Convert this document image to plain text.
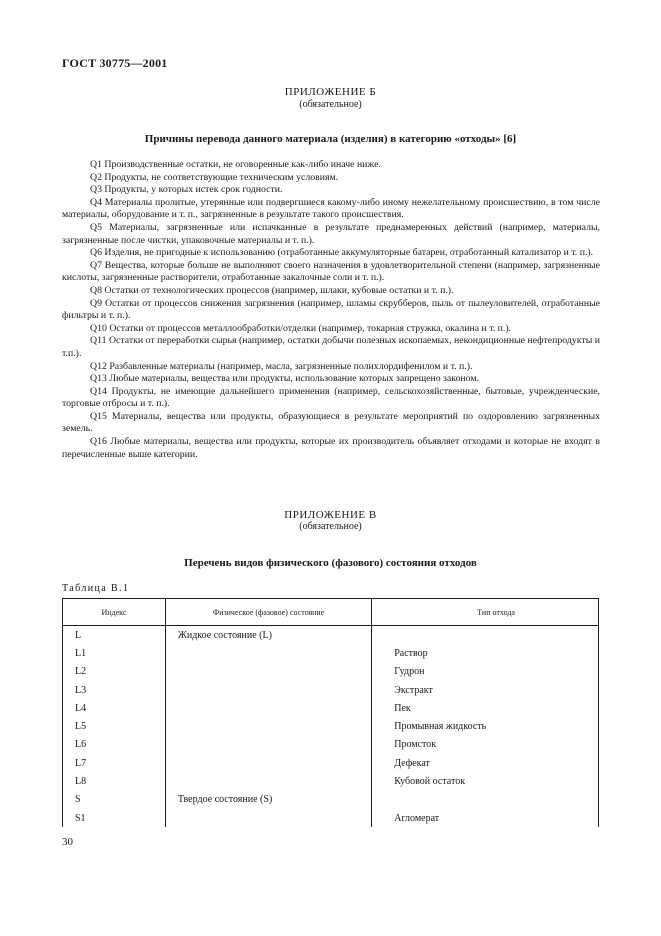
ГОСТ 30775—2001
ПРИЛОЖЕНИЕ Б
(обязательное)
Причины перевода данного материала (изделия) в категорию «отходы» [6]

Q1 Производственные остатки, не оговоренные как-либо иначе ниже.

Q2 Продукты, не соответствующие техническим условиям.

Q3 Продукты, у которых истек срок годности.

Q4 Материалы пролитые, утерянные или подвергшиеся какому-либо иному нежелательному происшествию, в том числе материалы, оборудование и т. п., загрязненные в результате такого происшествия.

Q5 Материалы, загрязненные или испачканные в результате преднамеренных действий (например, материалы, загрязненные после чистки, упаковочные материалы и т. п.).

Q6 Изделия, не пригодные к использованию (отработанные аккумуляторные батареи, отработанный катализатор и т. п.).

Q7 Вещества, которые больше не выполняют своего назначения в удовлетворительной степени (например, загрязненные кислоты, загрязненные растворители, отработанные закалочные соли и т. п.).

Q8 Остатки от технологических процессов (например, шлаки, кубовые остатки и т. п.).

Q9 Остатки от процессов снижения загрязнения (например, шламы скрубберов, пыль от пылеуловителей, отработанные фильтры и т. п.).

Q10 Остатки от процессов металлообработки/отделки (например, токарная стружка, окалина и т. п.).

Q11 Остатки от переработки сырья (например, остатки добычи полезных ископаемых, некондиционные нефтепродукты и т.п.).

Q12 Разбавленные материалы (например, масла, загрязненные полихлордифенилом и т. п.).

Q13 Любые материалы, вещества или продукты, использование которых запрещено законом.

Q14 Продукты, не имеющие дальнейшего применения (например, сельскохозяйственные, бытовые, учрежденческие, торговые отбросы и т. п.).

Q15 Материалы, вещества или продукты, образующиеся в результате мероприятий по оздоровлению загрязненных земель.

Q16 Любые материалы, вещества или продукты, которые их производитель объявляет отходами и которые не входят в перечисленные выше категории.

ПРИЛОЖЕНИЕ В
(обязательное)
Перечень видов физического (фазового) состояния отходов
Таблица В.1
Индекс	Физическое (фазовое) состояние	Тип отхода
L	Жидкое состояние (L)	
L1		Раствор
L2		Гудрон
L3		Экстракт
L4		Пек
L5		Промывная жидкость
L6		Промсток
L7		Дефекат
L8		Кубовой остаток
S	Твердое состояние (S)	
S1		Агломерат
30
